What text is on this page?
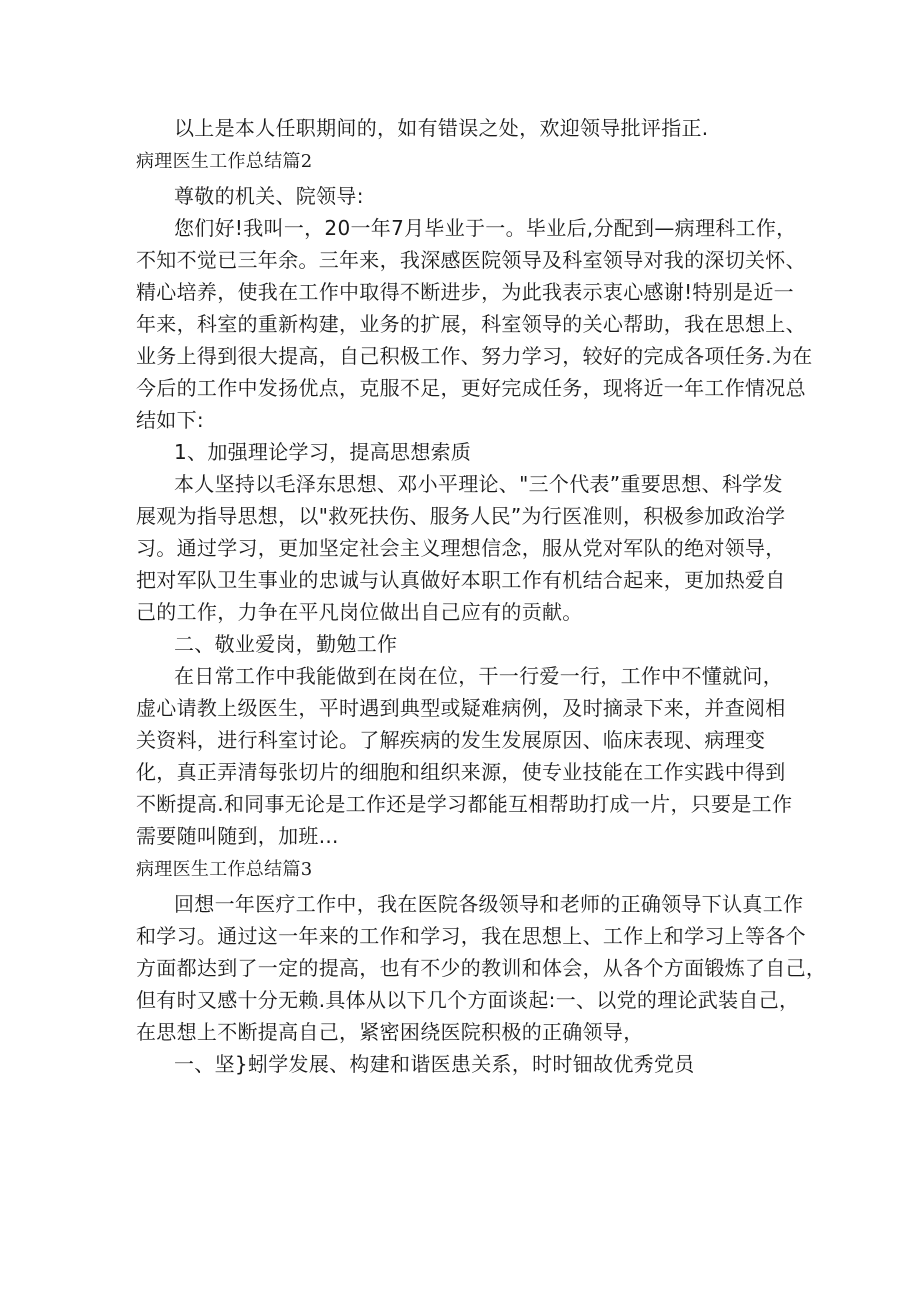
以上是本人任职期间的，如有错误之处，欢迎领导批评指正.
病理医生工作总结篇2
尊敬的机关、院领导:
您们好!我叫一，20一年7月毕业于一。毕业后,分配到—病理科工作，
不知不觉已三年余。三年来，我深感医院领导及科室领导对我的深切关怀、
精心培养，使我在工作中取得不断进步，为此我表示衷心感谢!特别是近一
年来，科室的重新构建，业务的扩展，科室领导的关心帮助，我在思想上、
业务上得到很大提高，自己积极工作、努力学习，较好的完成各项任务.为在
今后的工作中发扬优点，克服不足，更好完成任务，现将近一年工作情况总
结如下:
1、加强理论学习，提高思想索质
本人坚持以毛泽东思想、邓小平理论、"三个代表”重要思想、科学发
展观为指导思想，以"救死扶伤、服务人民”为行医准则，积极参加政治学
习。通过学习，更加坚定社会主义理想信念，服从党对军队的绝对领导，
把对军队卫生事业的忠诚与认真做好本职工作有机结合起来，更加热爱自
己的工作，力争在平凡岗位做出自己应有的贡献。
二、敬业爱岗，勤勉工作
在日常工作中我能做到在岗在位，干一行爱一行，工作中不懂就问，
虚心请教上级医生，平时遇到典型或疑难病例，及时摘录下来，并查阅相
关资料，进行科室讨论。了解疾病的发生发展原因、临床表现、病理变
化，真正弄清每张切片的细胞和组织来源，使专业技能在工作实践中得到
不断提高.和同事无论是工作还是学习都能互相帮助打成一片，只要是工作
需要随叫随到，加班...
病理医生工作总结篇3
回想一年医疗工作中，我在医院各级领导和老师的正确领导下认真工作
和学习。通过这一年来的工作和学习，我在思想上、工作上和学习上等各个
方面都达到了一定的提高，也有不少的教训和体会，从各个方面锻炼了自己，
但有时又感十分无赖.具体从以下几个方面谈起:一、以党的理论武装自己，
在思想上不断提高自己，紧密困绕医院积极的正确领导，
一、坚}蚓学发展、构建和谐医患关系，时时钿故优秀党员
